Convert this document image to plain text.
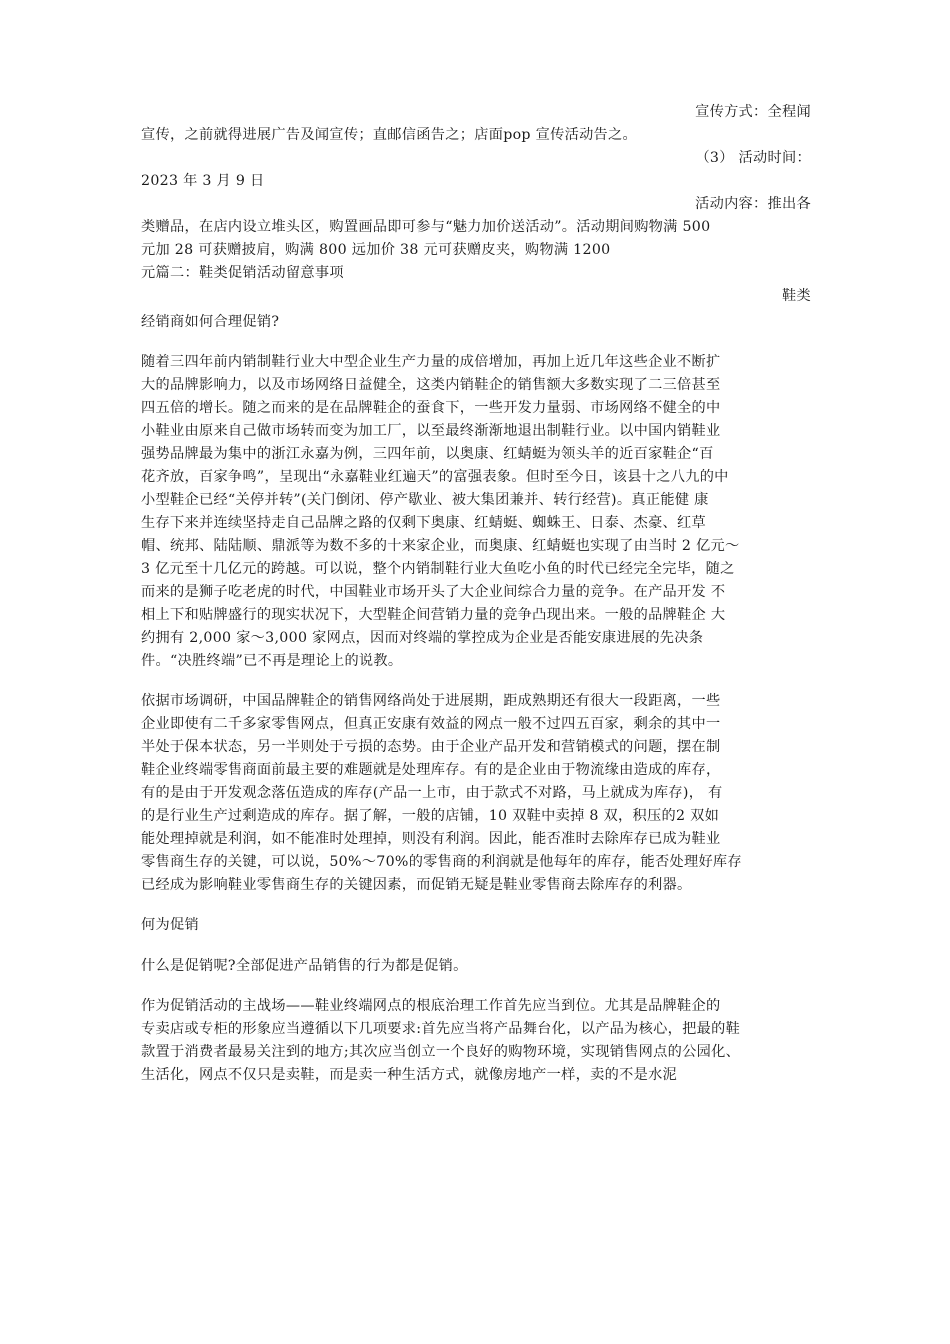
宣传方式：全程闻
宣传，之前就得进展广告及闻宣传；直邮信函告之；店面pop 宣传活动告之。
（3） 活动时间：
2023 年 3 月 9 日
活动内容：推出各
类赠品，在店内设立堆头区，购置画品即可参与“魅力加价送活动”。活动期间购物满 500
元加 28 可获赠披肩，购满 800 远加价 38 元可获赠皮夹，购物满 1200
元篇二：鞋类促销活动留意事项
鞋类
经销商如何合理促销?
随着三四年前内销制鞋行业大中型企业生产力量的成倍增加，再加上近几年这些企业不断扩
大的品牌影响力，以及市场网络日益健全，这类内销鞋企的销售额大多数实现了二三倍甚至
四五倍的增长。随之而来的是在品牌鞋企的蚕食下，一些开发力量弱、市场网络不健全的中
小鞋业由原来自己做市场转而变为加工厂，以至最终渐渐地退出制鞋行业。以中国内销鞋业
强势品牌最为集中的浙江永嘉为例，三四年前，以奥康、红蜻蜓为领头羊的近百家鞋企“百
花齐放，百家争鸣”，呈现出“永嘉鞋业红遍天”的富强表象。但时至今日，该县十之八九的中
小型鞋企已经“关停并转”(关门倒闭、停产歇业、被大集团兼并、转行经营)。真正能健 康
生存下来并连续坚持走自己品牌之路的仅剩下奥康、红蜻蜓、蜘蛛王、日泰、杰豪、红草
帽、统邦、陆陆顺、鼎派等为数不多的十来家企业，而奥康、红蜻蜓也实现了由当时 2 亿元～
3 亿元至十几亿元的跨越。可以说，整个内销制鞋行业大鱼吃小鱼的时代已经完全完毕，随之
而来的是狮子吃老虎的时代，中国鞋业市场开头了大企业间综合力量的竞争。在产品开发 不
相上下和贴牌盛行的现实状况下，大型鞋企间营销力量的竞争凸现出来。一般的品牌鞋企 大
约拥有 2,000 家～3,000 家网点，因而对终端的掌控成为企业是否能安康进展的先决条
件。“决胜终端”已不再是理论上的说教。
依据市场调研，中国品牌鞋企的销售网络尚处于进展期，距成熟期还有很大一段距离，一些
企业即使有二千多家零售网点，但真正安康有效益的网点一般不过四五百家，剩余的其中一
半处于保本状态，另一半则处于亏损的态势。由于企业产品开发和营销模式的问题，摆在制
鞋企业终端零售商面前最主要的难题就是处理库存。有的是企业由于物流缘由造成的库存，
有的是由于开发观念落伍造成的库存(产品一上市，由于款式不对路，马上就成为库存)， 有
的是行业生产过剩造成的库存。据了解，一般的店铺，10 双鞋中卖掉 8 双，积压的2 双如
能处理掉就是利润，如不能准时处理掉，则没有利润。因此，能否准时去除库存已成为鞋业
零售商生存的关键，可以说，50%～70%的零售商的利润就是他每年的库存，能否处理好库存
已经成为影响鞋业零售商生存的关键因素，而促销无疑是鞋业零售商去除库存的利器。
何为促销
什么是促销呢?全部促进产品销售的行为都是促销。
作为促销活动的主战场——鞋业终端网点的根底治理工作首先应当到位。尤其是品牌鞋企的
专卖店或专柜的形象应当遵循以下几项要求:首先应当将产品舞台化，以产品为核心，把最的鞋
款置于消费者最易关注到的地方;其次应当创立一个良好的购物环境，实现销售网点的公园化、
生活化，网点不仅只是卖鞋，而是卖一种生活方式，就像房地产一样，卖的不是水泥
